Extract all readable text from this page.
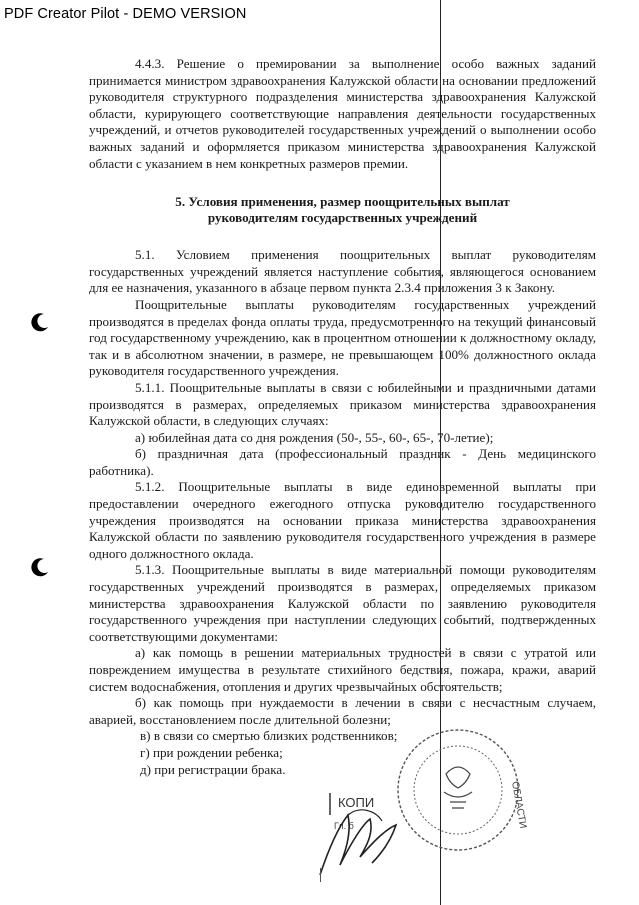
PDF Creator Pilot - DEMO VERSION

4.4.3. Решение о премировании за выполнение особо важных заданий принимается министром здравоохранения Калужской области на основании предложений руководителя структурного подразделения министерства здравоохранения Калужской области, курирующего соответствующие направления деятельности государственных учреждений, и отчетов руководителей государственных учреждений о выполнении особо важных заданий и оформляется приказом министерства здравоохранения Калужской области с указанием в нем конкретных размеров премии.

5. Условия применения, размер поощрительных выплат руководителям государственных учреждений

5.1. Условием применения поощрительных выплат руководителям государственных учреждений является наступление события, являющегося основанием для ее назначения, указанного в абзаце первом пункта 2.3.4 приложения 3 к Закону.

Поощрительные выплаты руководителям государственных учреждений производятся в пределах фонда оплаты труда, предусмотренного на текущий финансовый год государственному учреждению, как в процентном отношении к должностному окладу, так и в абсолютном значении, в размере, не превышающем 100% должностного оклада руководителя государственного учреждения.

5.1.1. Поощрительные выплаты в связи с юбилейными и праздничными датами производятся в размерах, определяемых приказом министерства здравоохранения Калужской области, в следующих случаях:

а) юбилейная дата со дня рождения (50-, 55-, 60-, 65-, 70-летие);

б) праздничная дата (профессиональный праздник - День медицинского работника).

5.1.2. Поощрительные выплаты в виде единовременной выплаты при предоставлении очередного ежегодного отпуска руководителю государственного учреждения производятся на основании приказа министерства здравоохранения Калужской области по заявлению руководителя государственного учреждения в размере одного должностного оклада.

5.1.3. Поощрительные выплаты в виде материальной помощи руководителям государственных учреждений производятся в размерах, определяемых приказом министерства здравоохранения Калужской области по заявлению руководителя государственного учреждения при наступлении следующих событий, подтвержденных соответствующими документами:

а) как помощь в решении материальных трудностей в связи с утратой или повреждением имущества в результате стихийного бедствия, пожара, кражи, аварий систем водоснабжения, отопления и других чрезвычайных обстоятельств;

б) как помощь при нуждаемости в лечении в связи с несчастным случаем, аварией, восстановлением после длительной болезни;

в) в связи со смертью близких родственников;

г) при рождении ребенка;

д) при регистрации брака.

ОБЛАСТИ
КОПИ
Гл. б
